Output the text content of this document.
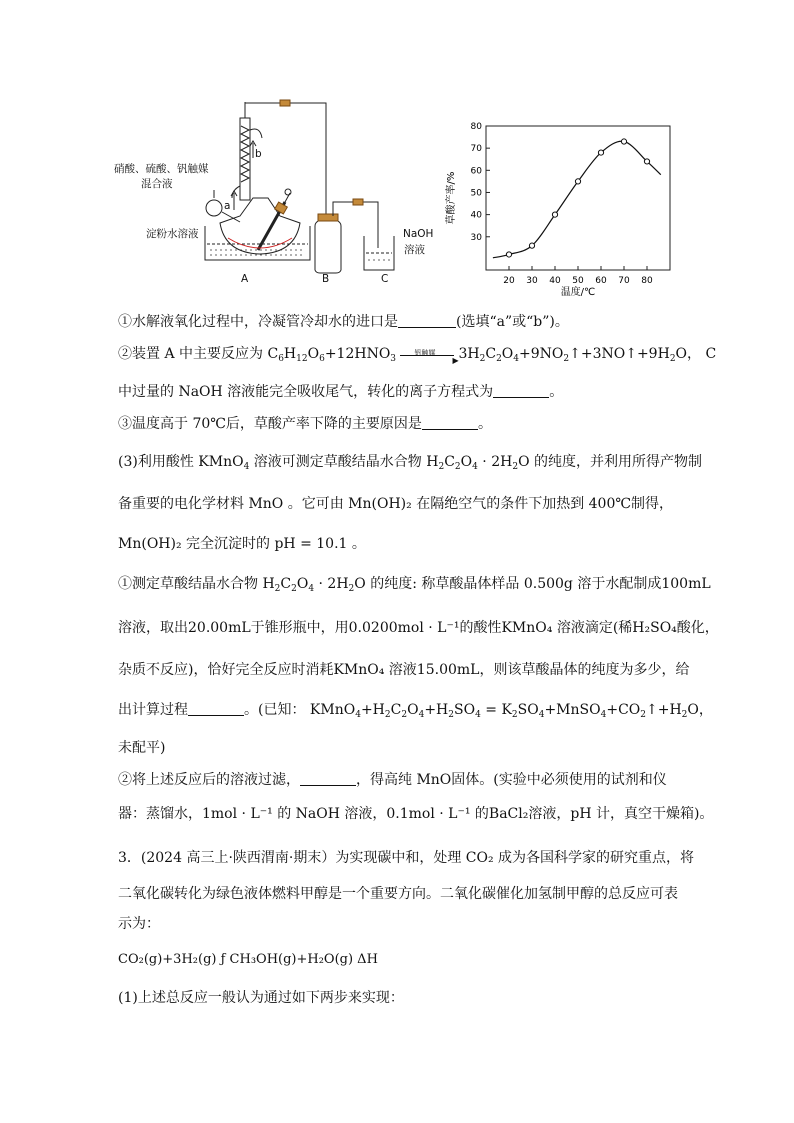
硝酸、硫酸、钒触媒
混合液
淀粉水溶液	NaOH
溶液
a
b
A	B	C	20 30 40 50 60 70 80
30
40
50
60
70
80
温度/℃
草酸产率/%
①水解液氧化过程中，冷凝管冷却水的进口是	(选填“a”或“b”)。
②装置 A 中主要反应为 $C_6H_{12}O_6+12HNO_3$
钒触媒
▶ $3H_2C_2O_4+9NO_2↑+3NO↑+9H_2O$， C
中过量的 NaOH 溶液能完全吸收尾气，转化的离子方程式为	。
③温度高于 70℃后，草酸产率下降的主要原因是	。
(3)利用酸性 KMnO$_4$ 溶液可测定草酸结晶水合物 $H_2C_2O_4 \cdot 2H_2O$ 的纯度，并利用所得产物制
备重要的电化学材料 MnO 。它可由 Mn(OH)₂ 在隔绝空气的条件下加热到 400℃制得，
Mn(OH)₂ 完全沉淀时的 pH = 10.1 。
①测定草酸结晶水合物 $H_2C_2O_4 \cdot 2H_2O$ 的纯度: 称草酸晶体样品 0.500g 溶于水配制成100mL
溶液，取出20.00mL于锥形瓶中，用0.0200mol · L⁻¹的酸性KMnO₄ 溶液滴定(稀H₂SO₄酸化，
杂质不反应)，恰好完全反应时消耗KMnO₄ 溶液15.00mL，则该草酸晶体的纯度为多少，给
出计算过程	。(已知： $KMnO_4+H_2C_2O_4+H_2SO_4$ = $K_2SO_4+MnSO_4+CO_2↑+H_2O$，
未配平)
②将上述反应后的溶液过滤，	，得高纯 MnO固体。(实验中必须使用的试剂和仪
器：蒸馏水，1mol · L⁻¹ 的 NaOH 溶液，0.1mol · L⁻¹ 的BaCl₂溶液，pH 计，真空干燥箱)。
3．(2024 高三上·陕西渭南·期末）为实现碳中和，处理 CO₂ 成为各国科学家的研究重点，将
二氧化碳转化为绿色液体燃料甲醇是一个重要方向。二氧化碳催化加氢制甲醇的总反应可表
示为：
CO₂(g)+3H₂(g) ƒ CH₃OH(g)+H₂O(g) ΔH
(1)上述总反应一般认为通过如下两步来实现：
